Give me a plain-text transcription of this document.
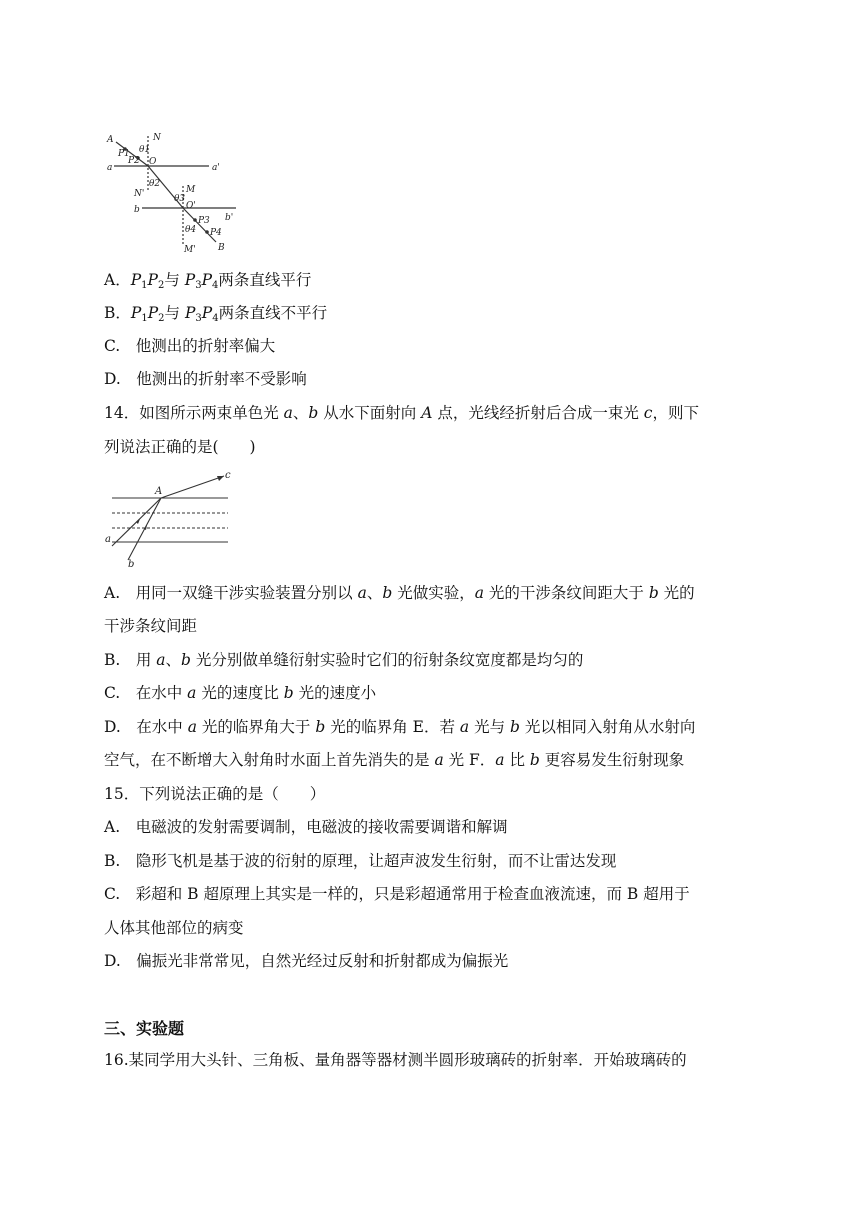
A	N
P1 θ1
P2 O
a	a'
θ2
N'	M
θ3
O'
b
b'
P3
θ4 P4
M' B
A．$P_1P_2$与 $P_3P_4$两条直线平行
B．$P_1P_2$与 $P_3P_4$两条直线不平行
C.　他测出的折射率偏大
D.　他测出的折射率不受影响
14．如图所示两束单色光 a、b 从水下面射向 A 点，光线经折射后合成一束光 c，则下
列说法正确的是(　　)
A
c
a
b
A.　用同一双缝干涉实验装置分别以 a、b 光做实验，a 光的干涉条纹间距大于 b 光的
干涉条纹间距
B.　用 a、b 光分别做单缝衍射实验时它们的衍射条纹宽度都是均匀的
C.　在水中 a 光的速度比 b 光的速度小
D.　在水中 a 光的临界角大于 b 光的临界角 E．若 a 光与 b 光以相同入射角从水射向
空气，在不断增大入射角时水面上首先消失的是 a 光 F．a 比 b 更容易发生衍射现象
15．下列说法正确的是（　　）
A.　电磁波的发射需要调制，电磁波的接收需要调谐和解调
B.　隐形飞机是基于波的衍射的原理，让超声波发生衍射，而不让雷达发现
C.　彩超和 B 超原理上其实是一样的，只是彩超通常用于检查血液流速，而 B 超用于
人体其他部位的病变
D.　偏振光非常常见，自然光经过反射和折射都成为偏振光
三、实验题
16.某同学用大头针、三角板、量角器等器材测半圆形玻璃砖的折射率．开始玻璃砖的
